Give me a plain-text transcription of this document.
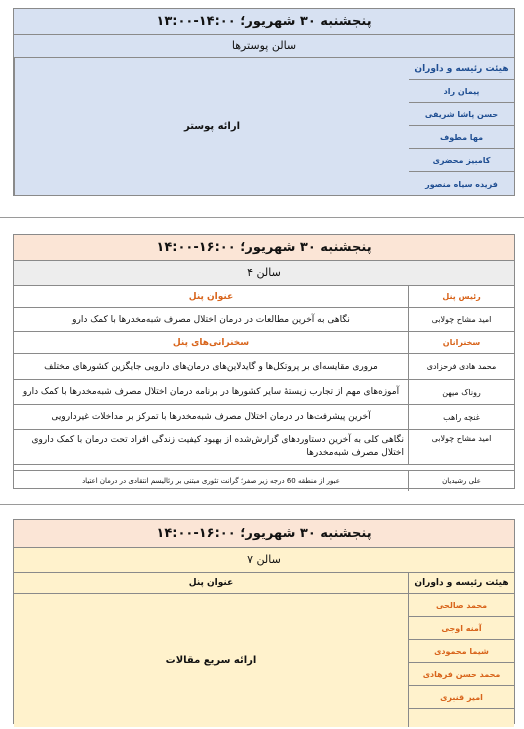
پنجشنبه ۳۰ شهریور؛ ۱۴:۰۰-۱۳:۰۰
سالن پوسترها
هیئت رئیسه و داوران
پیمان راد
حسن پاشا شریفی
مها مطوف
کامبیز محضری
فریده سیاه منصور
ارائه پوستر
پنجشنبه ۳۰ شهریور؛ ۱۶:۰۰-۱۴:۰۰
سالن ۴
رئیس پنل
عنوان پنل
امید مشاح چولابی
نگاهی به آخرین مطالعات در درمان اختلال مصرف شبه‌مخدرها با کمک دارو
سخنرانان
سخنرانی‌های پنل
محمد هادی فرحزادی
مروری مقایسه‌ای بر پروتکل‌ها و گایدلاین‌های درمان‌های دارویی جایگزین کشورهای مختلف
روناک میهن
آموزه‌های مهم از تجارب زیستهٔ سایر کشورها در برنامه درمان اختلال مصرف شبه‌مخدرها با کمک دارو
غنچه راهب
آخرین پیشرفت‌ها در درمان اختلال مصرف شبه‌مخدرها با تمرکز بر مداخلات غیردارویی
امید مشاح چولابی
نگاهی کلی به آخرین دستاوردهای گزارش‌شده از بهبود کیفیت زندگی افراد تحت درمان با کمک داروی اختلال مصرف شبه‌مخدرها
علی رشیدیان
عبور از منطقه 60 درجه زیر صفر؛ گرانت تئوری مبتنی بر رئالیسم انتقادی در درمان اعتیاد
پنجشنبه ۳۰ شهریور؛ ۱۶:۰۰-۱۴:۰۰
سالن ۷
هیئت رئیسه و داوران
عنوان پنل
محمد صالحی
آمنه اوجی
شیما محمودی
محمد حسن فرهادی
امیر قنبری
ارائه سریع مقالات
